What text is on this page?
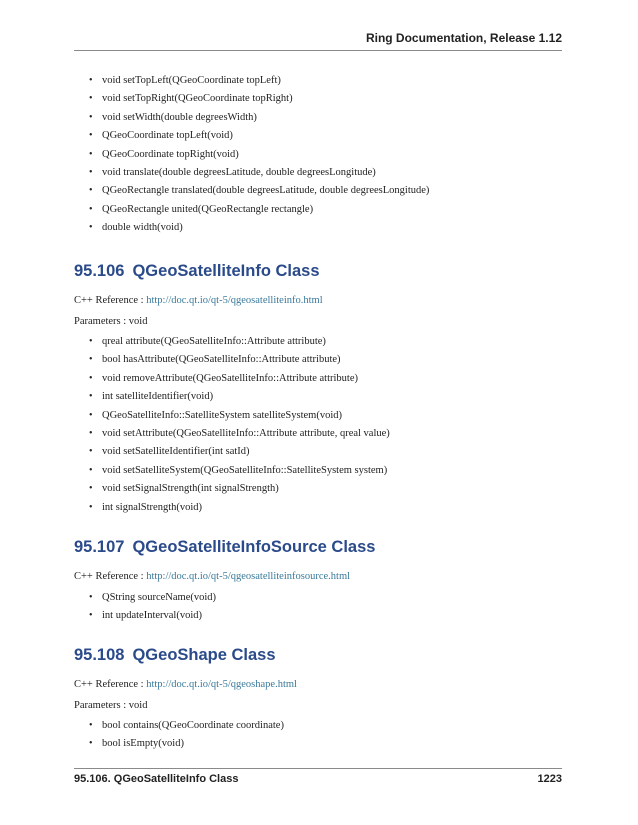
Ring Documentation, Release 1.12
• void setTopLeft(QGeoCoordinate topLeft)
• void setTopRight(QGeoCoordinate topRight)
• void setWidth(double degreesWidth)
• QGeoCoordinate topLeft(void)
• QGeoCoordinate topRight(void)
• void translate(double degreesLatitude, double degreesLongitude)
• QGeoRectangle translated(double degreesLatitude, double degreesLongitude)
• QGeoRectangle united(QGeoRectangle rectangle)
• double width(void)
95.106 QGeoSatelliteInfo Class
C++ Reference : http://doc.qt.io/qt-5/qgeosatelliteinfo.html
Parameters : void
• qreal attribute(QGeoSatelliteInfo::Attribute attribute)
• bool hasAttribute(QGeoSatelliteInfo::Attribute attribute)
• void removeAttribute(QGeoSatelliteInfo::Attribute attribute)
• int satelliteIdentifier(void)
• QGeoSatelliteInfo::SatelliteSystem satelliteSystem(void)
• void setAttribute(QGeoSatelliteInfo::Attribute attribute, qreal value)
• void setSatelliteIdentifier(int satId)
• void setSatelliteSystem(QGeoSatelliteInfo::SatelliteSystem system)
• void setSignalStrength(int signalStrength)
• int signalStrength(void)
95.107 QGeoSatelliteInfoSource Class
C++ Reference : http://doc.qt.io/qt-5/qgeosatelliteinfosource.html
• QString sourceName(void)
• int updateInterval(void)
95.108 QGeoShape Class
C++ Reference : http://doc.qt.io/qt-5/qgeoshape.html
Parameters : void
• bool contains(QGeoCoordinate coordinate)
• bool isEmpty(void)
95.106. QGeoSatelliteInfo Class	1223
